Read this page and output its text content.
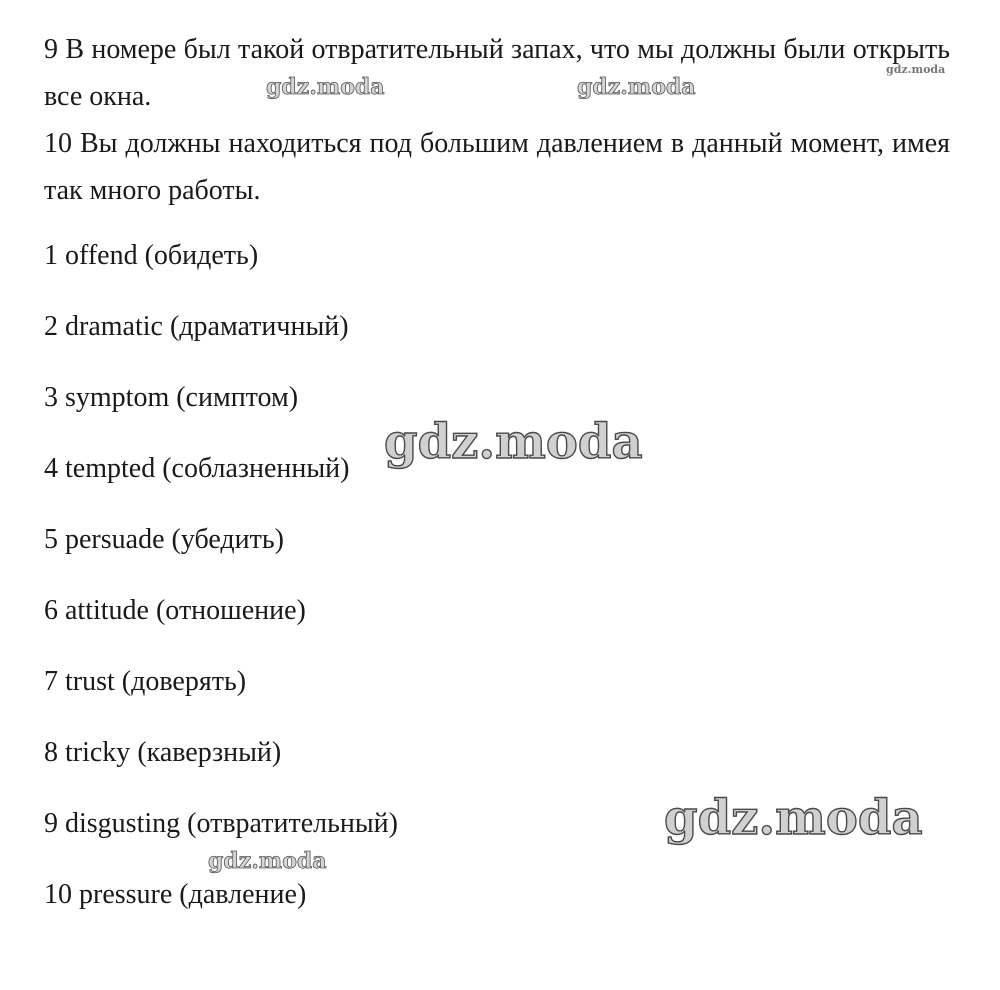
9 В номере был такой отвратительный запах, что мы должны были открыть все окна.

10 Вы должны находиться под большим давлением в данный момент, имея так много работы.

1 offend (обидеть)
2 dramatic (драматичный)
3 symptom (симптом)
4 tempted (соблазненный)
5 persuade (убедить)
6 attitude (отношение)
7 trust (доверять)
8 tricky (каверзный)
9 disgusting (отвратительный)
10 pressure (давление)
gdz.moda
gdz.moda	gdz.moda
gdz.moda
gdz.moda
gdz.moda
